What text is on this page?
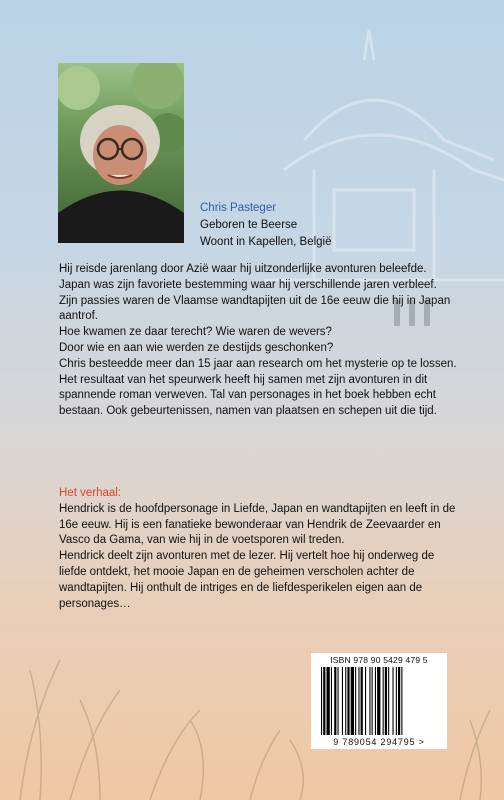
Chris Pasteger
Geboren te Beerse
Woont in Kapellen, België

Hij reisde jarenlang door Azië waar hij uitzonderlijke avonturen beleefde. Japan was zijn favoriete bestemming waar hij verschillende jaren verbleef.

Zijn passies waren de Vlaamse wandtapijten uit de 16e eeuw die hij in Japan aantrof.

Hoe kwamen ze daar terecht? Wie waren de wevers?

Door wie en aan wie werden ze destijds geschonken?

Chris besteedde meer dan 15 jaar aan research om het mysterie op te lossen.

Het resultaat van het speurwerk heeft hij samen met zijn avonturen in dit spannende roman verweven. Tal van personages in het boek hebben echt bestaan. Ook gebeurtenissen, namen van plaatsen en schepen uit die tijd.

Het verhaal:

Hendrick is de hoofdpersonage in Liefde, Japan en wandtapijten en leeft in de 16e eeuw. Hij is een fanatieke bewonderaar van Hendrik de Zeevaarder en Vasco da Gama, van wie hij in de voetsporen wil treden.

Hendrick deelt zijn avonturen met de lezer. Hij vertelt hoe hij onderweg de liefde ontdekt, het mooie Japan en de geheimen verscholen achter de wandtapijten. Hij onthult de intriges en de liefdesperikelen eigen aan de personages…

ISBN 978 90 5429 479 5
9 789054 294795 >
